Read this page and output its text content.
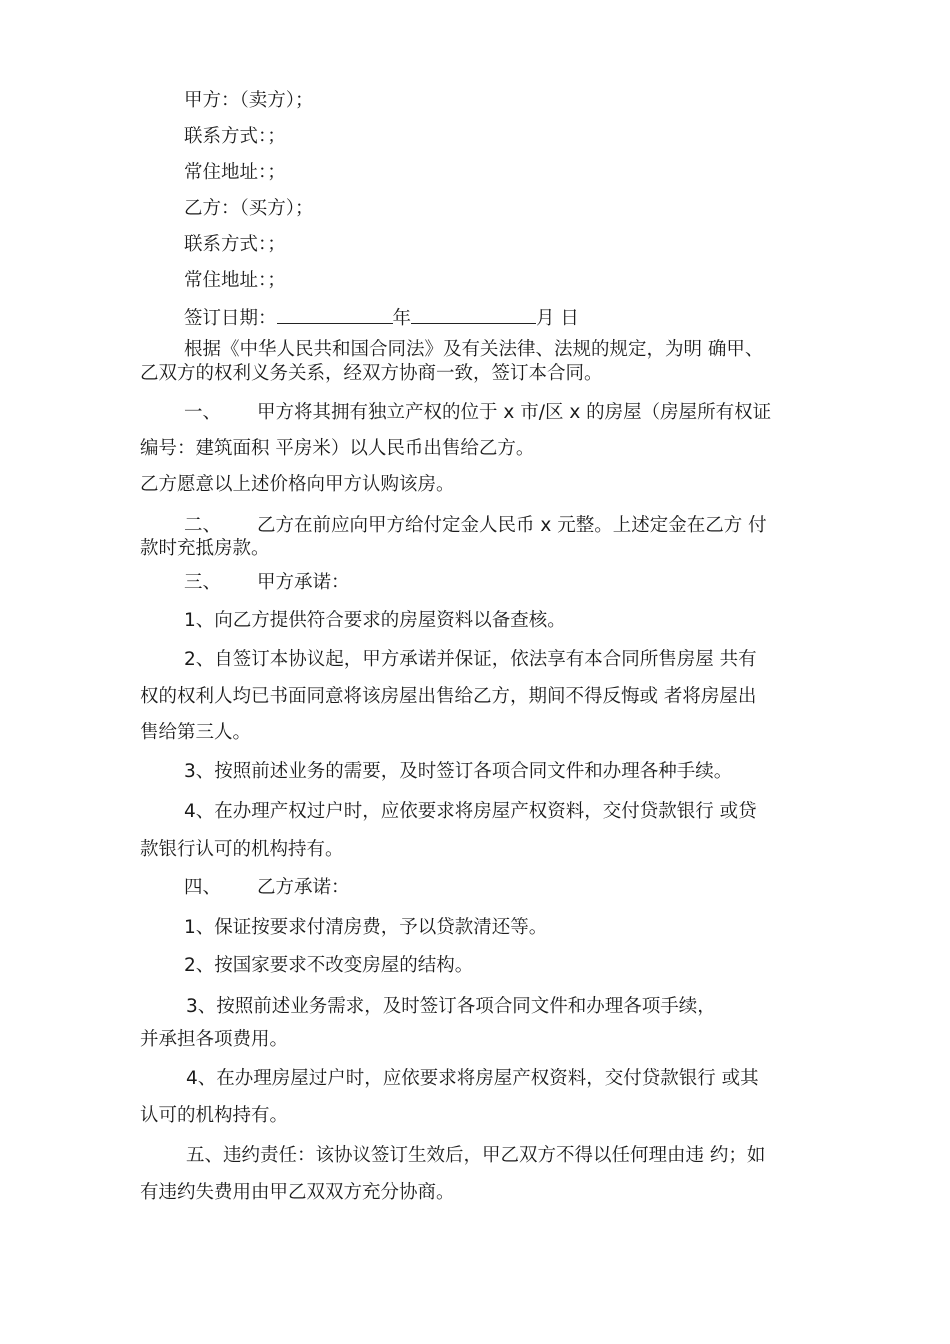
甲方：（卖方）；
联系方式：；
常住地址：；
乙方：（买方）；
联系方式：；
常住地址：；
签订日期：	年	月 日
根据《中华人民共和国合同法》及有关法律、法规的规定，为明 确甲、
乙双方的权利义务关系，经双方协商一致，签订本合同。
一、 甲方将其拥有独立产权的位于 x 市/区 x 的房屋（房屋所有权证
编号：建筑面积 平房米）以人民币出售给乙方。
乙方愿意以上述价格向甲方认购该房。
二、 乙方在前应向甲方给付定金人民币 x 元整。上述定金在乙方 付
款时充抵房款。
三、 甲方承诺：
1、向乙方提供符合要求的房屋资料以备查核。
2、自签订本协议起，甲方承诺并保证，依法享有本合同所售房屋 共有
权的权利人均已书面同意将该房屋出售给乙方，期间不得反悔或 者将房屋出
售给第三人。
3、按照前述业务的需要，及时签订各项合同文件和办理各种手续。
4、在办理产权过户时，应依要求将房屋产权资料，交付贷款银行 或贷
款银行认可的机构持有。
四、 乙方承诺：
1、保证按要求付清房费，予以贷款清还等。
2、按国家要求不改变房屋的结构。
3、按照前述业务需求，及时签订各项合同文件和办理各项手续，
并承担各项费用。
4、在办理房屋过户时，应依要求将房屋产权资料，交付贷款银行 或其
认可的机构持有。
五、违约责任：该协议签订生效后，甲乙双方不得以任何理由违 约；如
有违约失费用由甲乙双双方充分协商。
